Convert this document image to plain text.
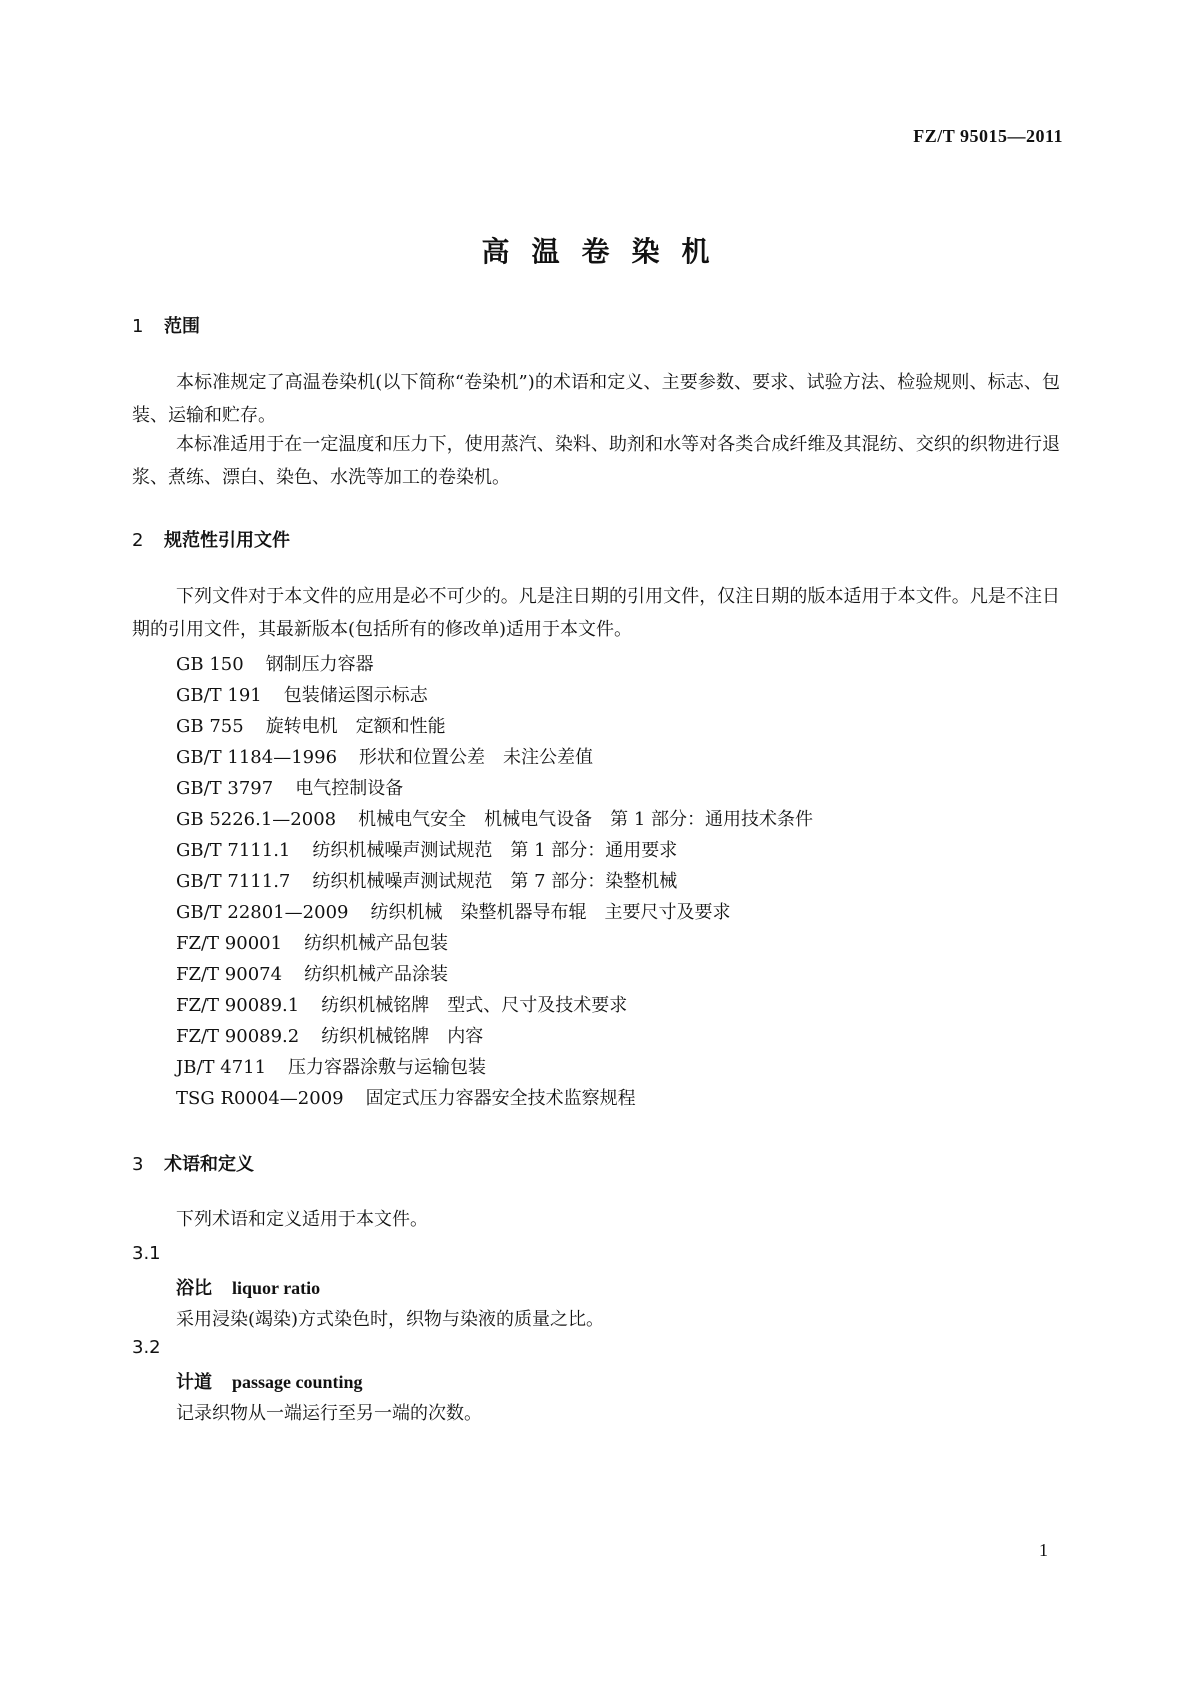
FZ/T 95015—2011
高温卷染机
1 范围
本标准规定了高温卷染机(以下简称“卷染机”)的术语和定义、主要参数、要求、试验方法、检验规则、标志、包装、运输和贮存。
本标准适用于在一定温度和压力下，使用蒸汽、染料、助剂和水等对各类合成纤维及其混纺、交织的织物进行退浆、煮练、漂白、染色、水洗等加工的卷染机。
2 规范性引用文件
下列文件对于本文件的应用是必不可少的。凡是注日期的引用文件，仅注日期的版本适用于本文件。凡是不注日期的引用文件，其最新版本(包括所有的修改单)适用于本文件。
GB 150 钢制压力容器
GB/T 191 包装储运图示标志
GB 755 旋转电机　定额和性能
GB/T 1184—1996 形状和位置公差　未注公差值
GB/T 3797 电气控制设备
GB 5226.1—2008 机械电气安全　机械电气设备　第 1 部分：通用技术条件
GB/T 7111.1 纺织机械噪声测试规范　第 1 部分：通用要求
GB/T 7111.7 纺织机械噪声测试规范　第 7 部分：染整机械
GB/T 22801—2009 纺织机械　染整机器导布辊　主要尺寸及要求
FZ/T 90001 纺织机械产品包装
FZ/T 90074 纺织机械产品涂装
FZ/T 90089.1 纺织机械铭牌　型式、尺寸及技术要求
FZ/T 90089.2 纺织机械铭牌　内容
JB/T 4711 压力容器涂敷与运输包装
TSG R0004—2009 固定式压力容器安全技术监察规程
3 术语和定义
下列术语和定义适用于本文件。
3.1
浴比 liquor ratio
采用浸染(竭染)方式染色时，织物与染液的质量之比。
3.2
计道 passage counting
记录织物从一端运行至另一端的次数。
1
